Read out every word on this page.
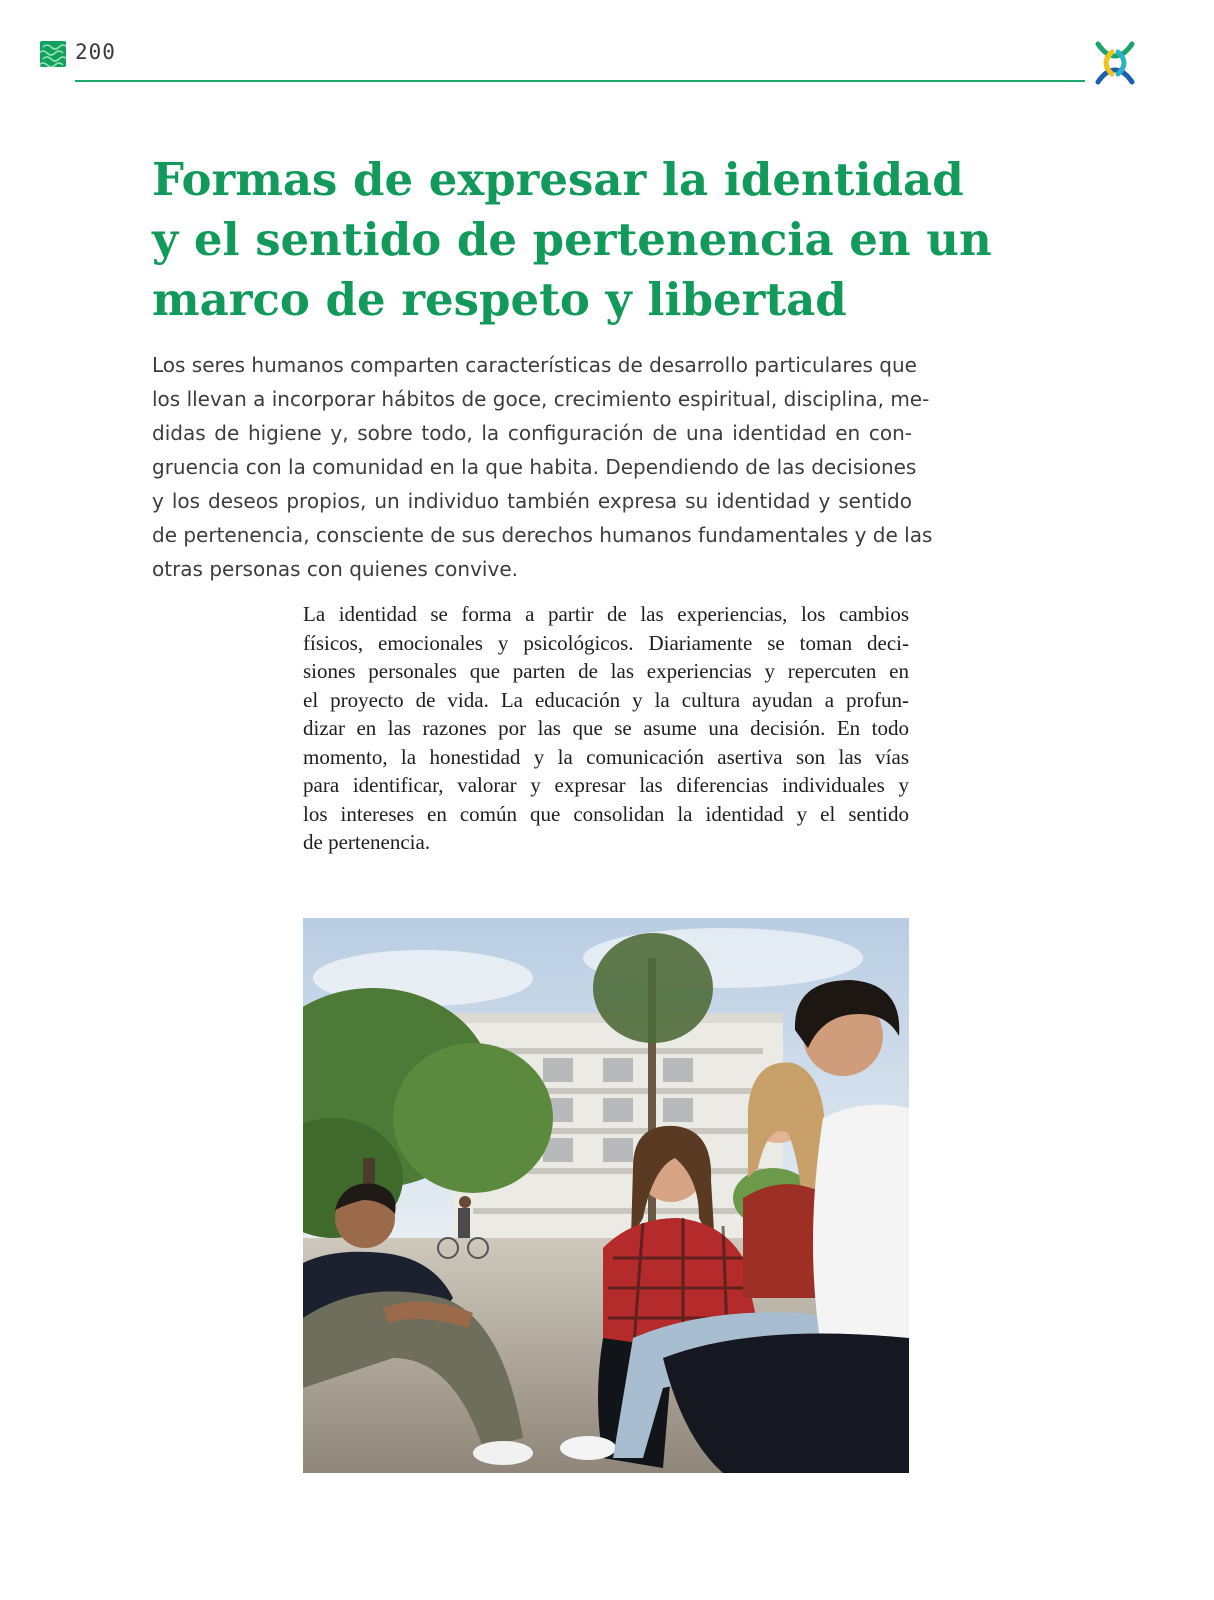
200
Formas de expresar la identidad
y el sentido de pertenencia en un
marco de respeto y libertad

Los seres humanos comparten características de desarrollo particulares que
los llevan a incorporar hábitos de goce, crecimiento espiritual, disciplina, me-
didas de higiene y, sobre todo, la configuración de una identidad en con-
gruencia con la comunidad en la que habita. Dependiendo de las decisiones
y los deseos propios, un individuo también expresa su identidad y sentido
de pertenencia, consciente de sus derechos humanos fundamentales y de las
otras personas con quienes convive.

La identidad se forma a partir de las experiencias, los cambios
físicos, emocionales y psicológicos. Diariamente se toman deci-
siones personales que parten de las experiencias y repercuten en
el proyecto de vida. La educación y la cultura ayudan a profun-
dizar en las razones por las que se asume una decisión. En todo
momento, la honestidad y la comunicación asertiva son las vías
para identificar, valorar y expresar las diferencias individuales y
los intereses en común que consolidan la identidad y el sentido
de pertenencia.
